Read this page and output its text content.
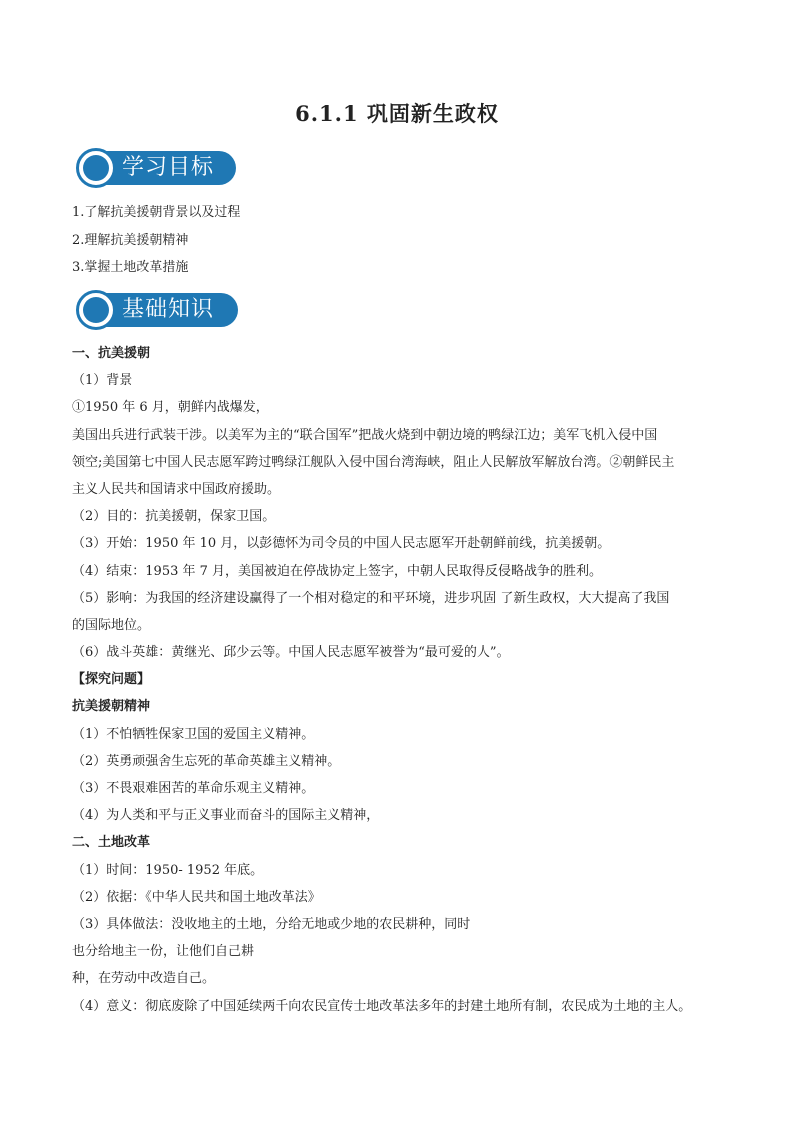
6.1.1 巩固新生政权
学习目标
1.了解抗美援朝背景以及过程
2.理解抗美援朝精神
3.掌握土地改革措施
基础知识
一、抗美援朝
（1）背景
①1950 年 6 月，朝鲜内战爆发，
美国出兵进行武装干涉。以美军为主的“联合国军”把战火烧到中朝边境的鸭绿江边；美军飞机入侵中国
领空;美国第七中国人民志愿军跨过鸭绿江舰队入侵中国台湾海峡，阻止人民解放军解放台湾。②朝鲜民主
主义人民共和国请求中国政府援助。
（2）目的：抗美援朝，保家卫国。
（3）开始：1950 年 10 月，以彭德怀为司令员的中国人民志愿军开赴朝鲜前线，抗美援朝。
（4）结束：1953 年 7 月，美国被迫在停战协定上签字，中朝人民取得反侵略战争的胜利。
（5）影响：为我国的经济建设赢得了一个相对稳定的和平环境，进步巩固 了新生政权，大大提高了我国
的国际地位。
（6）战斗英雄：黄继光、邱少云等。中国人民志愿军被誉为“最可爱的人”。
【探究问题】
抗美援朝精神
（1）不怕牺牲保家卫国的爱国主义精神。
（2）英勇顽强舍生忘死的革命英雄主义精神。
（3）不畏艰难困苦的革命乐观主义精神。
（4）为人类和平与正义事业而奋斗的国际主义精神，
二、土地改革
（1）时间：1950- 1952 年底。
（2）依据：《中华人民共和国土地改革法》
（3）具体做法：没收地主的土地，分给无地或少地的农民耕种，同时
也分给地主一份，让他们自己耕
种，在劳动中改造自己。
（4）意义：彻底废除了中国延续两千向农民宣传士地改革法多年的封建土地所有制，农民成为土地的主人。
